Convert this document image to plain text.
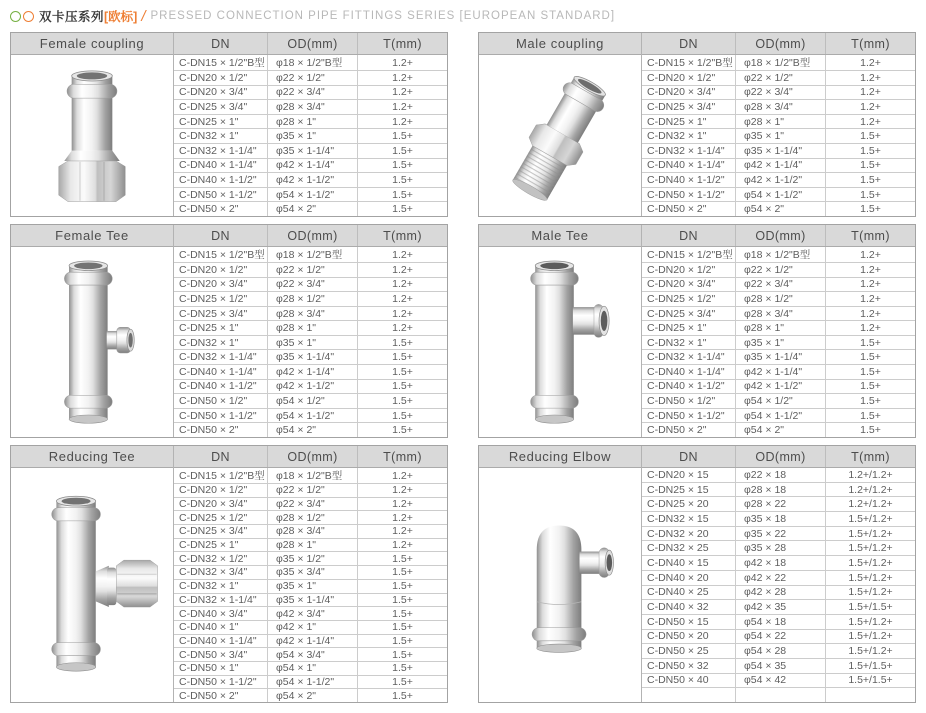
双卡压系列 [欧标] / PRESSED CONNECTION PIPE FITTINGS SERIES [EUROPEAN STANDARD]
Female coupling	DN	OD(mm)	T(mm)
C-DN15 × 1/2"B型	φ18 × 1/2"B型	1.2+
C-DN20 × 1/2"	φ22 × 1/2"	1.2+
C-DN20 × 3/4"	φ22 × 3/4"	1.2+
C-DN25 × 3/4"	φ28 × 3/4"	1.2+
C-DN25 × 1"	φ28 × 1"	1.2+
C-DN32 × 1"	φ35 × 1"	1.5+
C-DN32 × 1-1/4"	φ35 × 1-1/4"	1.5+
C-DN40 × 1-1/4"	φ42 × 1-1/4"	1.5+
C-DN40 × 1-1/2"	φ42 × 1-1/2"	1.5+
C-DN50 × 1-1/2"	φ54 × 1-1/2"	1.5+
C-DN50 × 2"	φ54 × 2"	1.5+
Male coupling	DN	OD(mm)	T(mm)
C-DN15 × 1/2"B型	φ18 × 1/2"B型	1.2+
C-DN20 × 1/2"	φ22 × 1/2"	1.2+
C-DN20 × 3/4"	φ22 × 3/4"	1.2+
C-DN25 × 3/4"	φ28 × 3/4"	1.2+
C-DN25 × 1"	φ28 × 1"	1.2+
C-DN32 × 1"	φ35 × 1"	1.5+
C-DN32 × 1-1/4"	φ35 × 1-1/4"	1.5+
C-DN40 × 1-1/4"	φ42 × 1-1/4"	1.5+
C-DN40 × 1-1/2"	φ42 × 1-1/2"	1.5+
C-DN50 × 1-1/2"	φ54 × 1-1/2"	1.5+
C-DN50 × 2"	φ54 × 2"	1.5+
Female Tee	DN	OD(mm)	T(mm)
C-DN15 × 1/2"B型	φ18 × 1/2"B型	1.2+
C-DN20 × 1/2"	φ22 × 1/2"	1.2+
C-DN20 × 3/4"	φ22 × 3/4"	1.2+
C-DN25 × 1/2"	φ28 × 1/2"	1.2+
C-DN25 × 3/4"	φ28 × 3/4"	1.2+
C-DN25 × 1"	φ28 × 1"	1.2+
C-DN32 × 1"	φ35 × 1"	1.5+
C-DN32 × 1-1/4"	φ35 × 1-1/4"	1.5+
C-DN40 × 1-1/4"	φ42 × 1-1/4"	1.5+
C-DN40 × 1-1/2"	φ42 × 1-1/2"	1.5+
C-DN50 × 1/2"	φ54 × 1/2"	1.5+
C-DN50 × 1-1/2"	φ54 × 1-1/2"	1.5+
C-DN50 × 2"	φ54 × 2"	1.5+
Male Tee	DN	OD(mm)	T(mm)
C-DN15 × 1/2"B型	φ18 × 1/2"B型	1.2+
C-DN20 × 1/2"	φ22 × 1/2"	1.2+
C-DN20 × 3/4"	φ22 × 3/4"	1.2+
C-DN25 × 1/2"	φ28 × 1/2"	1.2+
C-DN25 × 3/4"	φ28 × 3/4"	1.2+
C-DN25 × 1"	φ28 × 1"	1.2+
C-DN32 × 1"	φ35 × 1"	1.5+
C-DN32 × 1-1/4"	φ35 × 1-1/4"	1.5+
C-DN40 × 1-1/4"	φ42 × 1-1/4"	1.5+
C-DN40 × 1-1/2"	φ42 × 1-1/2"	1.5+
C-DN50 × 1/2"	φ54 × 1/2"	1.5+
C-DN50 × 1-1/2"	φ54 × 1-1/2"	1.5+
C-DN50 × 2"	φ54 × 2"	1.5+
Reducing Tee	DN	OD(mm)	T(mm)
C-DN15 × 1/2"B型	φ18 × 1/2"B型	1.2+
C-DN20 × 1/2"	φ22 × 1/2"	1.2+
C-DN20 × 3/4"	φ22 × 3/4"	1.2+
C-DN25 × 1/2"	φ28 × 1/2"	1.2+
C-DN25 × 3/4"	φ28 × 3/4"	1.2+
C-DN25 × 1"	φ28 × 1"	1.2+
C-DN32 × 1/2"	φ35 × 1/2"	1.5+
C-DN32 × 3/4"	φ35 × 3/4"	1.5+
C-DN32 × 1"	φ35 × 1"	1.5+
C-DN32 × 1-1/4"	φ35 × 1-1/4"	1.5+
C-DN40 × 3/4"	φ42 × 3/4"	1.5+
C-DN40 × 1"	φ42 × 1"	1.5+
C-DN40 × 1-1/4"	φ42 × 1-1/4"	1.5+
C-DN50 × 3/4"	φ54 × 3/4"	1.5+
C-DN50 × 1"	φ54 × 1"	1.5+
C-DN50 × 1-1/2"	φ54 × 1-1/2"	1.5+
C-DN50 × 2"	φ54 × 2"	1.5+
Reducing Elbow	DN	OD(mm)	T(mm)
C-DN20 × 15	φ22 × 18	1.2+/1.2+
C-DN25 × 15	φ28 × 18	1.2+/1.2+
C-DN25 × 20	φ28 × 22	1.2+/1.2+
C-DN32 × 15	φ35 × 18	1.5+/1.2+
C-DN32 × 20	φ35 × 22	1.5+/1.2+
C-DN32 × 25	φ35 × 28	1.5+/1.2+
C-DN40 × 15	φ42 × 18	1.5+/1.2+
C-DN40 × 20	φ42 × 22	1.5+/1.2+
C-DN40 × 25	φ42 × 28	1.5+/1.2+
C-DN40 × 32	φ42 × 35	1.5+/1.5+
C-DN50 × 15	φ54 × 18	1.5+/1.2+
C-DN50 × 20	φ54 × 22	1.5+/1.2+
C-DN50 × 25	φ54 × 28	1.5+/1.2+
C-DN50 × 32	φ54 × 35	1.5+/1.5+
C-DN50 × 40	φ54 × 42	1.5+/1.5+
